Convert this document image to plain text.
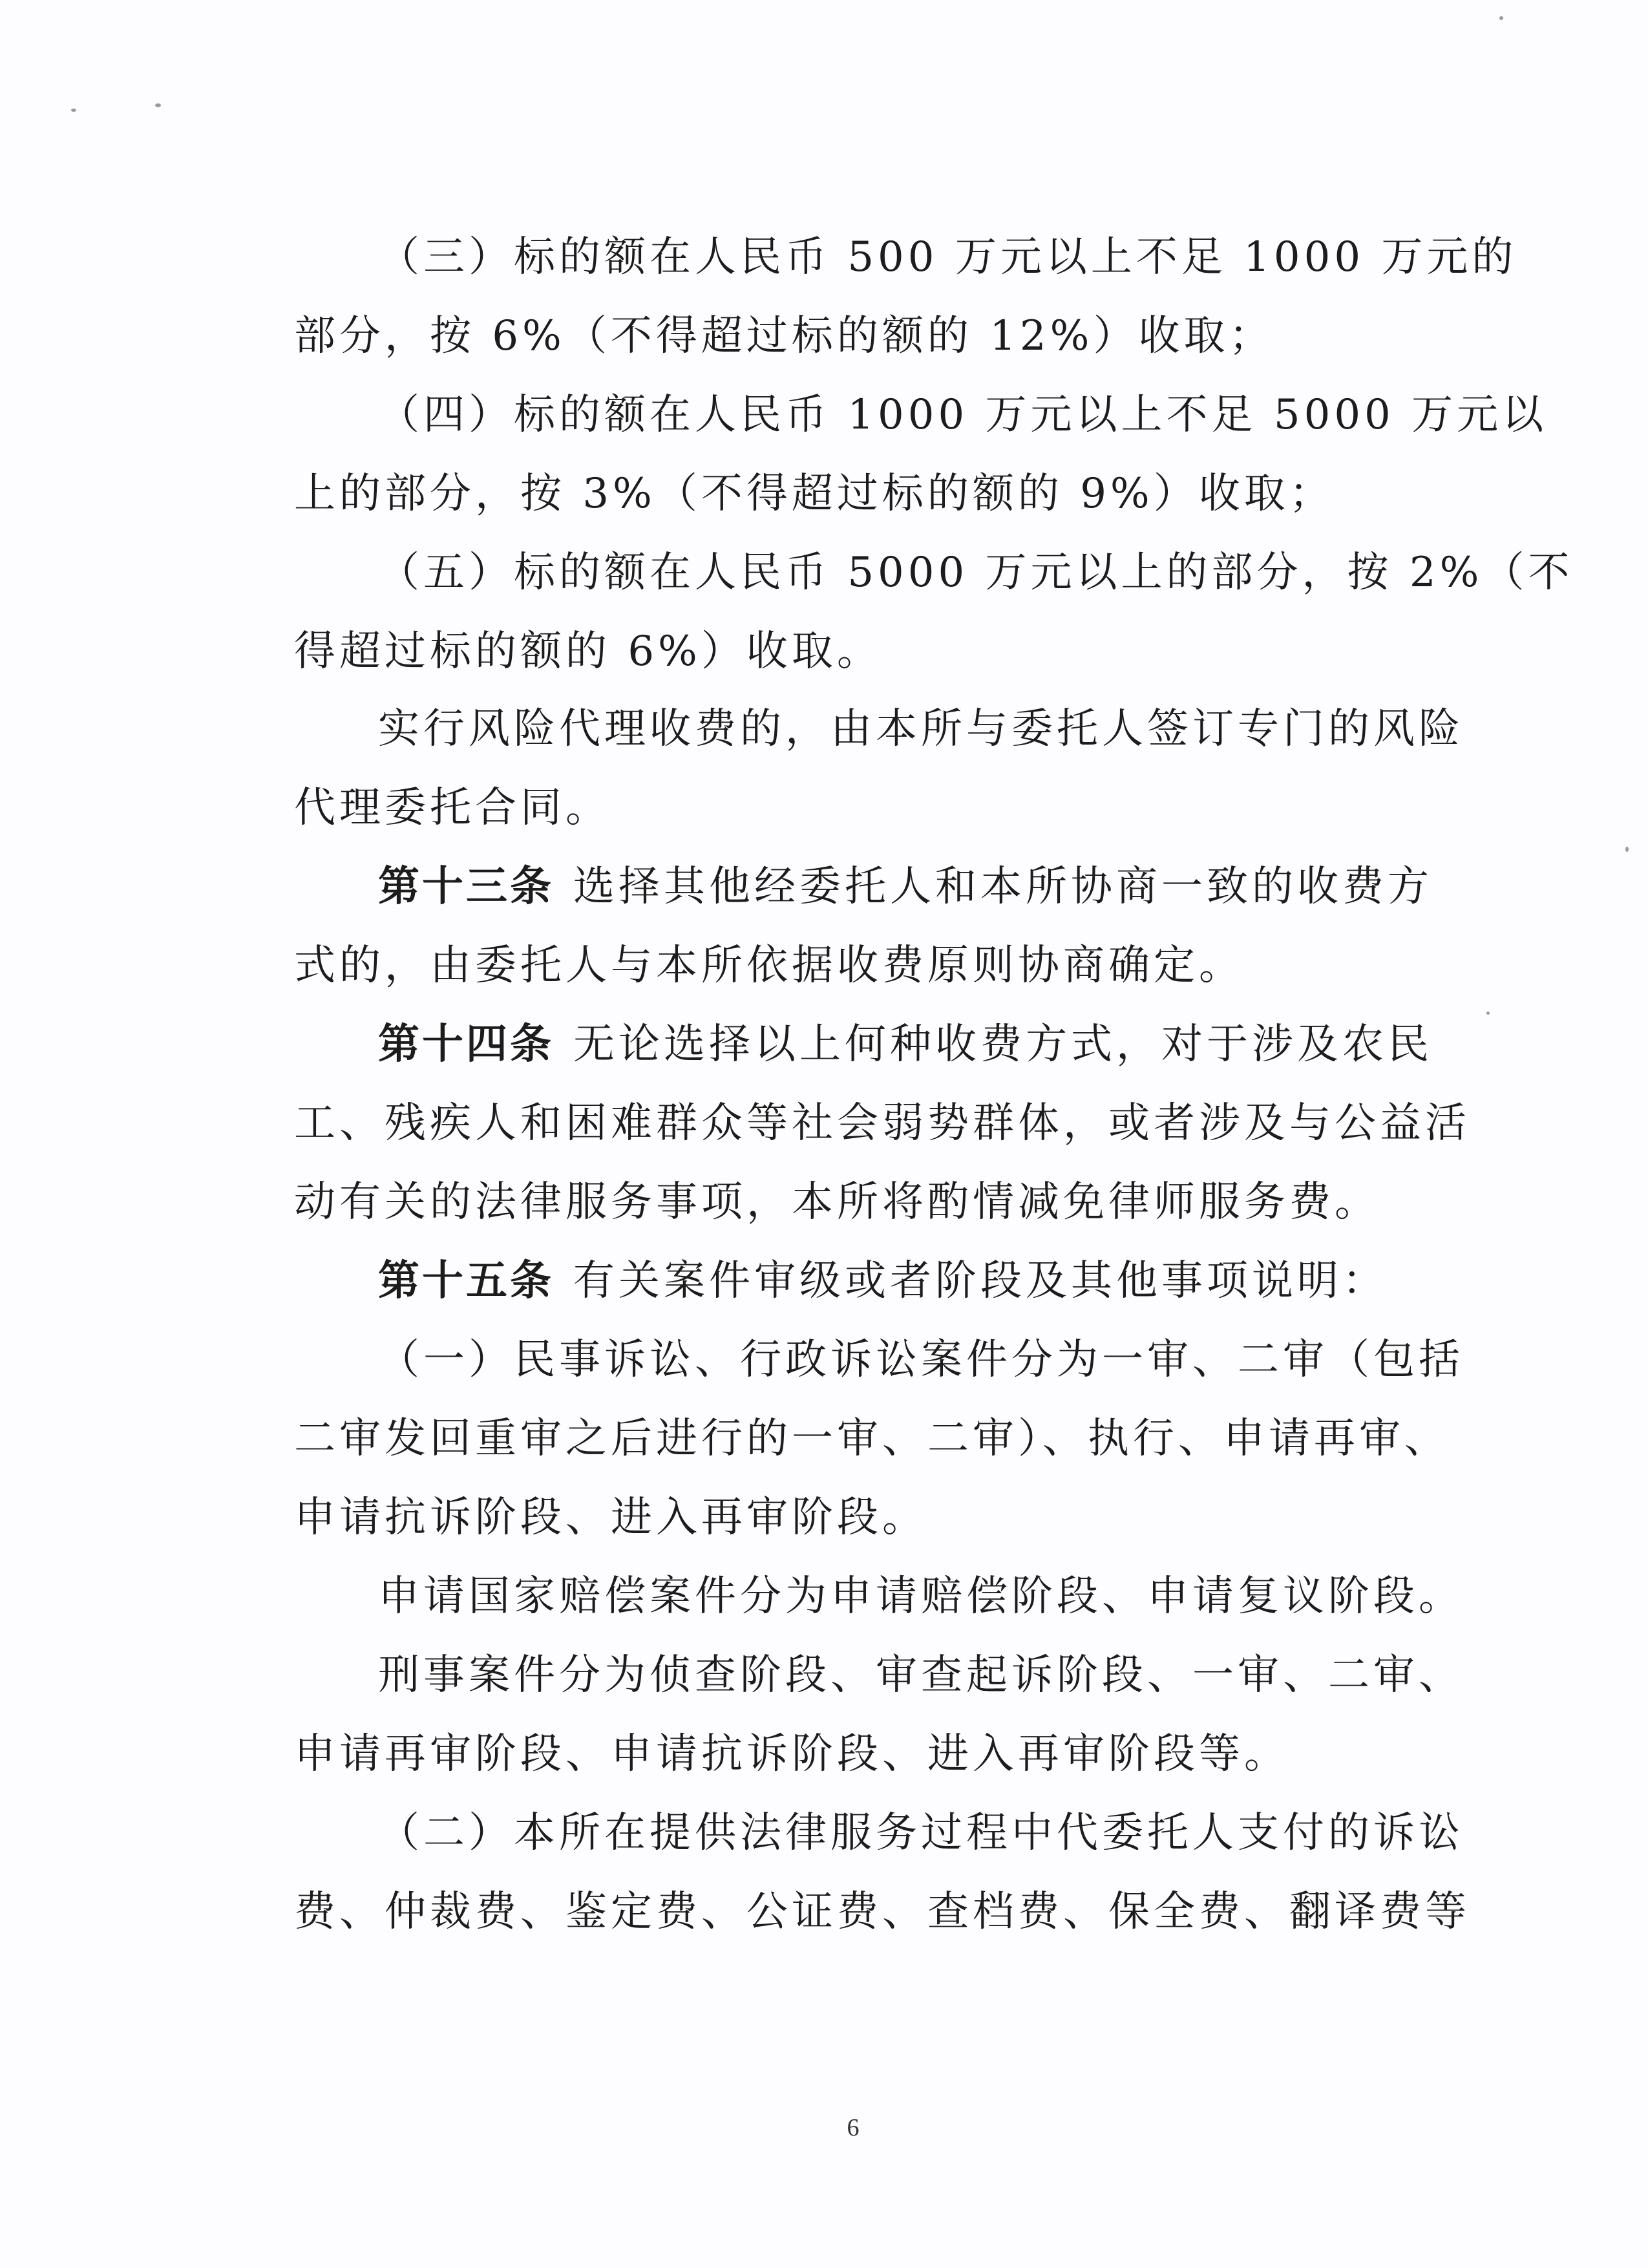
（三）标的额在人民币 500 万元以上不足 1000 万元的
部分，按 6%（不得超过标的额的 12%）收取；
（四）标的额在人民币 1000 万元以上不足 5000 万元以
上的部分，按 3%（不得超过标的额的 9%）收取；
（五）标的额在人民币 5000 万元以上的部分，按 2%（不
得超过标的额的 6%）收取。
实行风险代理收费的，由本所与委托人签订专门的风险
代理委托合同。
第十三条 选择其他经委托人和本所协商一致的收费方
式的，由委托人与本所依据收费原则协商确定。
第十四条 无论选择以上何种收费方式，对于涉及农民
工、残疾人和困难群众等社会弱势群体，或者涉及与公益活
动有关的法律服务事项，本所将酌情减免律师服务费。
第十五条 有关案件审级或者阶段及其他事项说明：
（一）民事诉讼、行政诉讼案件分为一审、二审（包括
二审发回重审之后进行的一审、二审）、执行、申请再审、
申请抗诉阶段、进入再审阶段。
申请国家赔偿案件分为申请赔偿阶段、申请复议阶段。
刑事案件分为侦查阶段、审查起诉阶段、一审、二审、
申请再审阶段、申请抗诉阶段、进入再审阶段等。
（二）本所在提供法律服务过程中代委托人支付的诉讼
费、仲裁费、鉴定费、公证费、查档费、保全费、翻译费等
6
